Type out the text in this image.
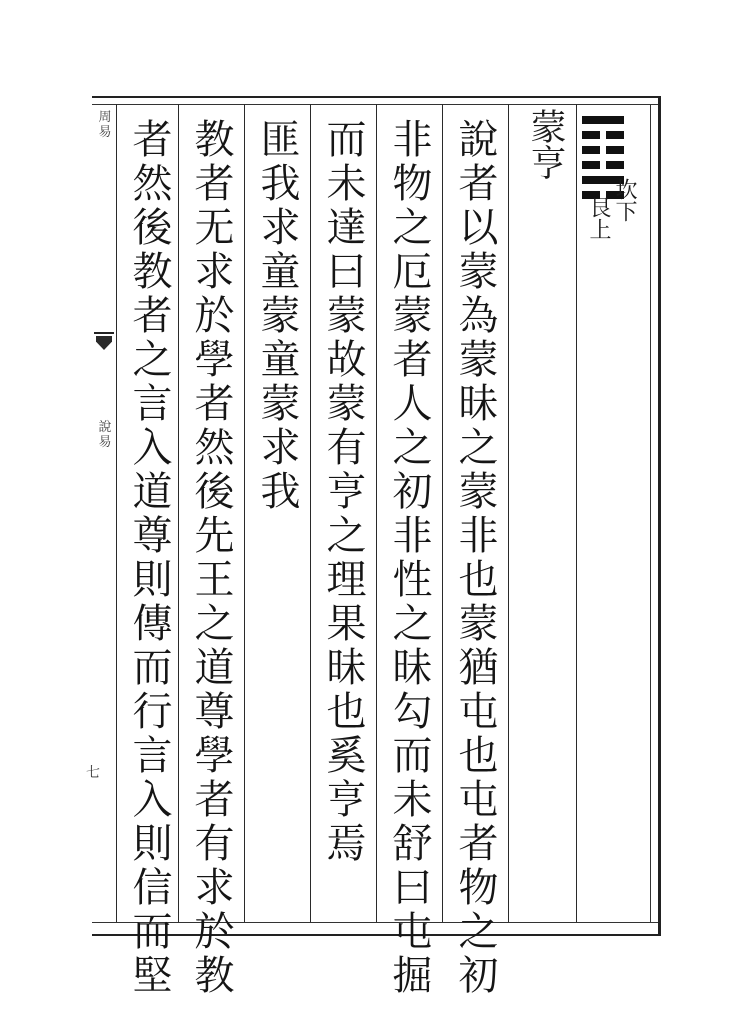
周易
說易
七
坎下
艮上
蒙亨
說者以蒙為蒙昧之蒙非也蒙猶屯也屯者物之初
非物之厄蒙者人之初非性之昧勾而未舒曰屯掘
而未達曰蒙故蒙有亨之理果昧也奚亨焉
匪我求童蒙童蒙求我
教者无求於學者然後先王之道尊學者有求於教
者然後教者之言入道尊則傳而行言入則信而堅
